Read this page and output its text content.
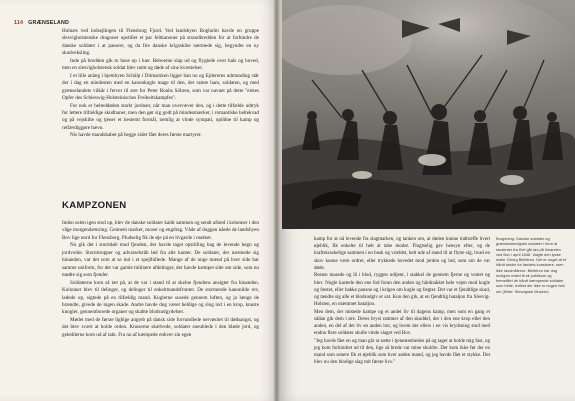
114 GRÆNSELAND

Holnæs ved indsejlingen til Flensborg Fjord. Ved landsbyen Bogholm havde en gruppe slesvigholstenske dragoner opstillet et par feltkanoner på strandbredden for at forhindre de danske soldater i at passere, og da fire danske krigsskibe nærmede sig, begyndte en ny skudveksling.

Inde på bredden gik to huse op i luer. Beboerne slap ud og flygtede over hals og hoved, men en slesvigholstensk soldat blev ramt og døde af sine kvæstelser.

I et lille anlæg i hjembyen Schülp i Ditmarsken ligger han nu og Ejdererns udmunding står der i dag en mindesten med en kanonkugle mage til den, der ramte ham, soldaten, og med grænselandets vilkår i ferver til ære for Peter Bouhs Söhren, som var navnet på dette "erstes Opfer des Schleswig-Holsteinisches Freiheitskampfes".

For nok er helteddøden starkt jordnær, når man overvæver den, og i dette tilfælde udtryk for lettere tilfældige skudbaner, men den gør sig godt på mindesmærker, i romantiske heltekvad og på vejskilte og tjener et bestemt formål, nemlig at vinde sympati, opildne til kamp og retfærdiggøre hævn.

Nis havde mandskabet på begge sider fået deres første martyrer.

KAMPZONEN

Inden solen igen stod op, blev de danske soldater kaldt sammen og sendt afsted i kolonner i den våge morgendæmring. Gennem marker, moser og engdrag. Våde af duggen nåede de landsbyen Bov lige nord for Flensborg. Pludselig fik de øje på en livgarde i mørket.

Nu gik det i stormløb mod fjenden, der havde taget opstilling bag de levende hegn og jordvolde. Stormtropper og advarselsråb lød fra alle kanter. De soldater, der nærmede sig hinanden, var det som at se ind i et spejlbillede. Mange af de unge mænd på hver side bar samme uniform, for det var gamle militære afdelinger, der havde kæmpet side om side, som nu mødte sig som fjender.

Soldaterne kom så tæt på, at de var i stand til at skelne fjendens ansigter fra hinanden. Kolonner blev til delinger, og delinger til enkeltmandsfronter. De stormende kanonilde rev, ladede op, sigtede på en tilfældig mand. Kuglerne susede gennem luften, og ja længe de brændte, givede de ingen skade. Andre havde dog været heldige og slog ind i en krop, knuste knogler, gennemborede organer og skabte blodsudgydelser.

Mødet med de første lighige angreb på dansk side forvandlede nervøsitet til dødsangst, og det blev svært at holde orden. Knuserne skælvede, soldater sneublede i den bløde jord, og geledderne kom ud af takt. Fra nu af kæmpede enhver sin egen

kamp for at nå levende fra slagmarken, og tanken om, at døden kunne indtræffe hvert øjeblik, fik enkelte til helt at tabe modet. Flugtselig gav hensyn efter, og de kraftskraskelige sammen i en busk og vrældet, helt ude af stand til at flytte sig, hvad en skov kunne være ordrer, eller trykkede hovedet mod jorden og lod, som om de var døde.

Resten masede og lå i blod, ryggen udtjent, i stakkel de gennem fjerne og ventet og blev. Nogle kastede den ene fod foran den anden og hårdnakket hele vejen mod kugle og fæstet, eller bakke pansne og i krigen om kugle og fægter. Det var et fjendtlige skud, og tændte sig alle et blodsudgiv er sat. Kun den gik, at en fjendtlig bataljon fra Slesvig-Holsten, en utæmmet bataljon.

Men dem, der mistede kampe og et andet liv til dagens kamp, men som en gang et sådan gik dem i øre. Deres bryst rammer af den skuddel, der i den ene krop eller den anden, en del af det liv en anden bor, og hvem der ellers i en vis krydsning stod med endnu flere soldater skulle vinde slaget ved Bov.

"Jeg havde fået en og man går at sætte i tjenestenheden på og tager at holde mig fast, og jeg kom forhindret ud til den, lige så brede var mine skuldre. Der kom ikke før der en mand som senere fik et øjeblik som hver anden mand, og jeg havde fået et stykke. Det blev nu den blodige slag mit første livs."

Borgerkrig. Danske soldater og grænseslesvigske soldater i form af studenter fra Kiel går løs på hinanden ved Bov i april 1848. Valgte den tyske maler Georg Bleibtreu. Det er noget af et hårdt studie for landets kunstnere, men ikke landmålerne. Bleibtreu har dog muligvis malet til sit publikum og fremstillet de hårdt kæmpende soldater som helte, hvilket der ikke er nogen tvivl om (Kilde: Slesvigske Museer).
